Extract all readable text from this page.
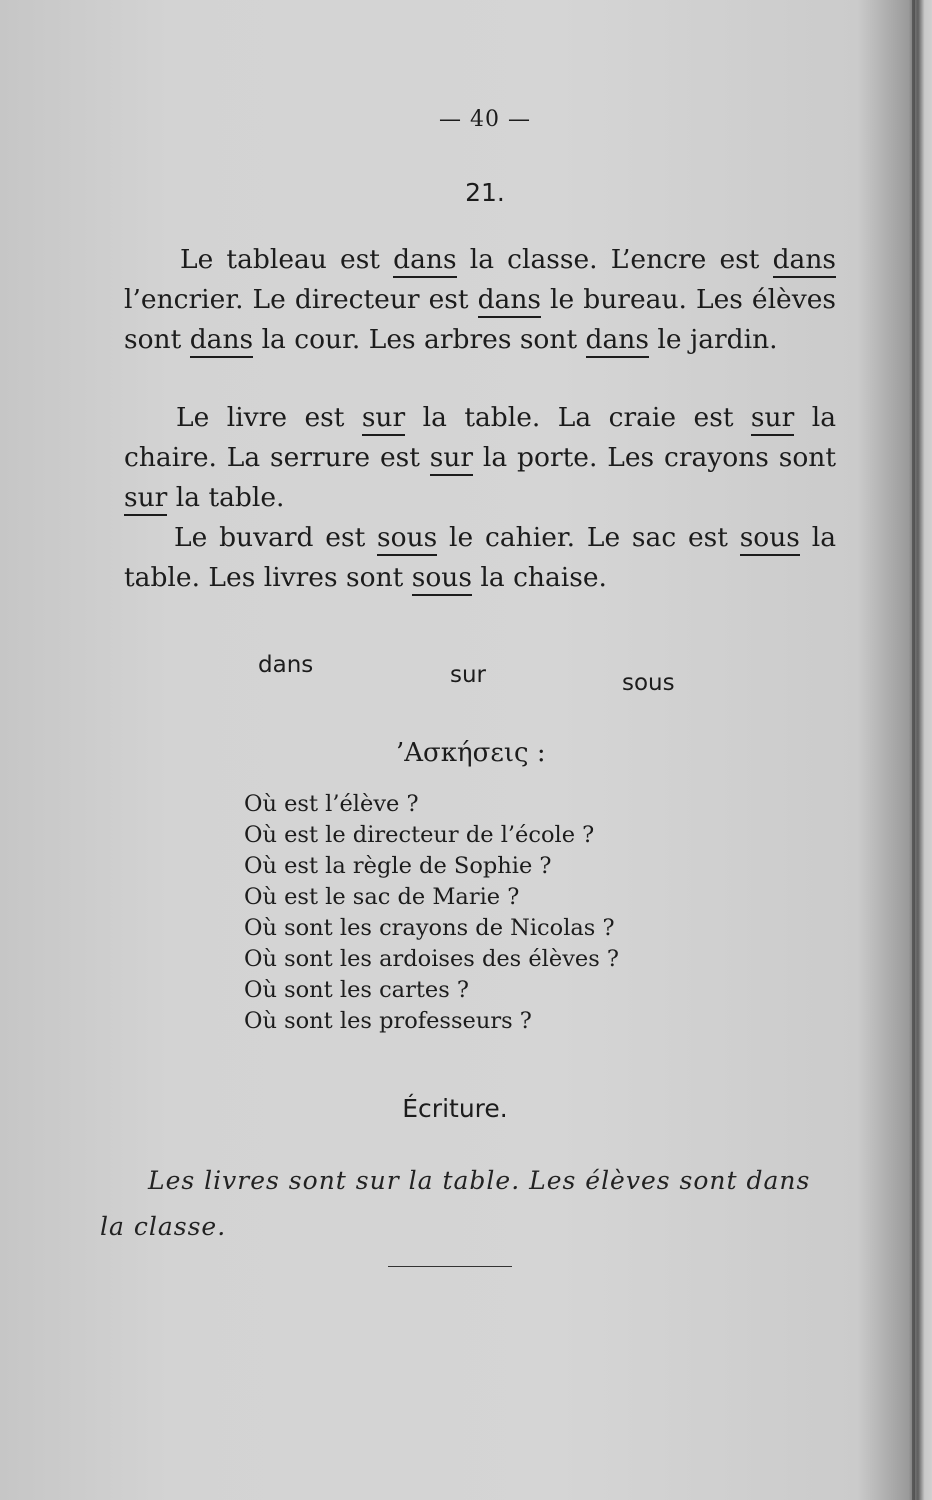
— 40 —
21.

Le tableau est dans la classe. L’encre est dans l’encrier. Le directeur est dans le bureau. Les élèves sont dans la cour. Les arbres sont dans le jardin.

Le livre est sur la table. La craie est sur la chaire. La serrure est sur la porte. Les crayons sont sur la table.

Le buvard est sous le cahier. Le sac est sous la table. Les livres sont sous la chaise.

dans	sur	sous
’Ασκήσεις :
Où est l’élève ?
Où est le directeur de l’école ?
Où est la règle de Sophie ?
Où est le sac de Marie ?
Où sont les crayons de Nicolas ?
Où sont les ardoises des élèves ?
Où sont les cartes ?
Où sont les professeurs ?
Écriture.

Les livres sont sur la table. Les élèves sont dans la classe.
